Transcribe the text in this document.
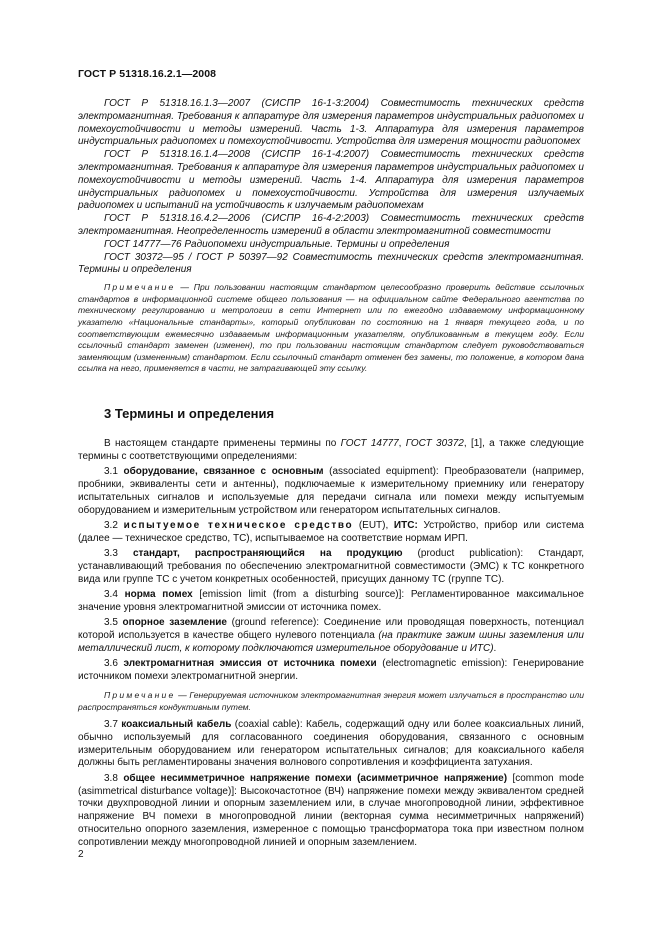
ГОСТ Р 51318.16.2.1—2008

ГОСТ Р 51318.16.1.3—2007 (СИСПР 16-1-3:2004) Совместимость технических средств электромагнитная. Требования к аппаратуре для измерения параметров индустриальных радиопомех и помехоустойчивости и методы измерений. Часть 1-3. Аппаратура для измерения параметров индустриальных радиопомех и помехоустойчивости. Устройства для измерения мощности радиопомех

ГОСТ Р 51318.16.1.4—2008 (СИСПР 16-1-4:2007) Совместимость технических средств электромагнитная. Требования к аппаратуре для измерения параметров индустриальных радиопомех и помехоустойчивости и методы измерений. Часть 1-4. Аппаратура для измерения параметров индустриальных радиопомех и помехоустойчивости. Устройства для измерения излучаемых радиопомех и испытаний на устойчивость к излучаемым радиопомехам

ГОСТ Р 51318.16.4.2—2006 (СИСПР 16-4-2:2003) Совместимость технических средств электромагнитная. Неопределенность измерений в области электромагнитной совместимости

ГОСТ 14777—76 Радиопомехи индустриальные. Термины и определения

ГОСТ 30372—95 / ГОСТ Р 50397—92 Совместимость технических средств электромагнитная. Термины и определения

Примечание — При пользовании настоящим стандартом целесообразно проверить действие ссылочных стандартов в информационной системе общего пользования — на официальном сайте Федерального агентства по техническому регулированию и метрологии в сети Интернет или по ежегодно издаваемому информационному указателю «Национальные стандарты», который опубликован по состоянию на 1 января текущего года, и по соответствующим ежемесячно издаваемым информационным указателям, опубликованным в текущем году. Если ссылочный стандарт заменен (изменен), то при пользовании настоящим стандартом следует руководствоваться заменяющим (измененным) стандартом. Если ссылочный стандарт отменен без замены, то положение, в котором дана ссылка на него, применяется в части, не затрагивающей эту ссылку.

3 Термины и определения

В настоящем стандарте применены термины по ГОСТ 14777, ГОСТ 30372, [1], а также следующие термины с соответствующими определениями:

3.1 оборудование, связанное с основным (associated equipment): Преобразователи (например, пробники, эквиваленты сети и антенны), подключаемые к измерительному приемнику или генератору испытательных сигналов и используемые для передачи сигнала или помехи между испытуемым оборудованием и измерительным устройством или генератором испытательных сигналов.

3.2 испытуемое техническое средство (EUT), ИТС: Устройство, прибор или система (далее — техническое средство, ТС), испытываемое на соответствие нормам ИРП.

3.3 стандарт, распространяющийся на продукцию (product publication): Стандарт, устанавливающий требования по обеспечению электромагнитной совместимости (ЭМС) к ТС конкретного вида или группе ТС с учетом конкретных особенностей, присущих данному ТС (группе ТС).

3.4 норма помех [emission limit (from a disturbing source)]: Регламентированное максимальное значение уровня электромагнитной эмиссии от источника помех.

3.5 опорное заземление (ground reference): Соединение или проводящая поверхность, потенциал которой используется в качестве общего нулевого потенциала (на практике зажим шины заземления или металлический лист, к которому подключаются измерительное оборудование и ИТС).

3.6 электромагнитная эмиссия от источника помехи (electromagnetic emission): Генерирование источником помехи электромагнитной энергии.

Примечание — Генерируемая источником электромагнитная энергия может излучаться в пространство или распространяться кондуктивным путем.

3.7 коаксиальный кабель (coaxial cable): Кабель, содержащий одну или более коаксиальных линий, обычно используемый для согласованного соединения оборудования, связанного с основным измерительным оборудованием или генератором испытательных сигналов; для коаксиального кабеля должны быть регламентированы значения волнового сопротивления и коэффициента затухания.

3.8 общее несимметричное напряжение помехи (асимметричное напряжение) [common mode (asimmetrical disturbance voltage)]: Высокочастотное (ВЧ) напряжение помехи между эквивалентом средней точки двухпроводной линии и опорным заземлением или, в случае многопроводной линии, эффективное напряжение ВЧ помехи в многопроводной линии (векторная сумма несимметричных напряжений) относительно опорного заземления, измеренное с помощью трансформатора тока при известном полном сопротивлении между многопроводной линией и опорным заземлением.

2
